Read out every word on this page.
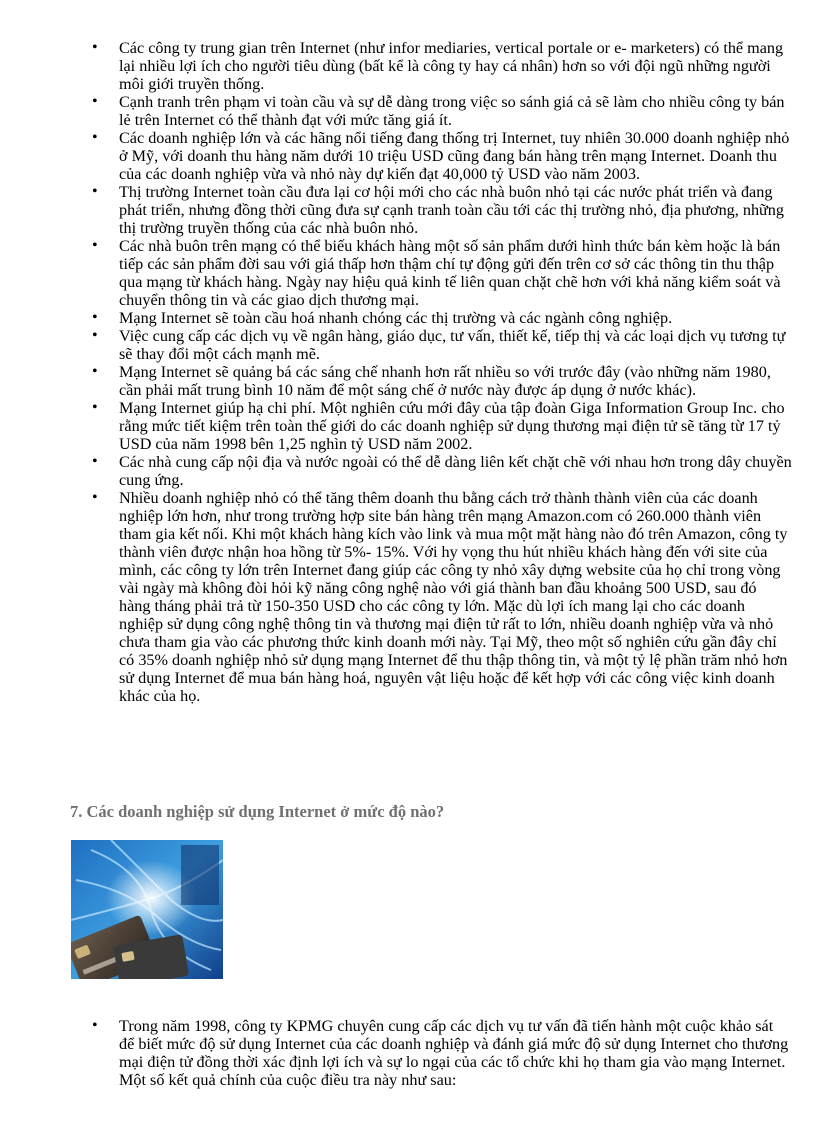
• Các công ty trung gian trên Internet (như infor mediaries, vertical portale or e- marketers) có thể mang lại nhiều lợi ích cho người tiêu dùng (bất kể là công ty hay cá nhân) hơn so với đội ngũ những người môi giới truyền thống.
• Cạnh tranh trên phạm vi toàn cầu và sự dễ dàng trong việc so sánh giá cả sẽ làm cho nhiều công ty bán lẻ trên Internet có thể thành đạt với mức tăng giá ít.
• Các doanh nghiệp lớn và các hãng nổi tiếng đang thống trị Internet, tuy nhiên 30.000 doanh nghiệp nhỏ ở Mỹ, với doanh thu hàng năm dưới 10 triệu USD cũng đang bán hàng trên mạng Internet. Doanh thu của các doanh nghiệp vừa và nhỏ này dự kiến đạt 40,000 tỷ USD vào năm 2003.
• Thị trường Internet toàn cầu đưa lại cơ hội mới cho các nhà buôn nhỏ tại các nước phát triển và đang phát triển, nhưng đồng thời cũng đưa sự cạnh tranh toàn cầu tới các thị trường nhỏ, địa phương, những thị trường truyền thống của các nhà buôn nhỏ.
• Các nhà buôn trên mạng có thể biếu khách hàng một số sản phẩm dưới hình thức bán kèm hoặc là bán tiếp các sản phẩm đời sau với giá thấp hơn thậm chí tự động gửi đến trên cơ sở các thông tin thu thập qua mạng từ khách hàng. Ngày nay hiệu quả kinh tế liên quan chặt chẽ hơn với khả năng kiểm soát và chuyển thông tin và các giao dịch thương mại.
• Mạng Internet sẽ toàn cầu hoá nhanh chóng các thị trường và các ngành công nghiệp.
• Việc cung cấp các dịch vụ về ngân hàng, giáo dục, tư vấn, thiết kế, tiếp thị và các loại dịch vụ tương tự sẽ thay đổi một cách mạnh mẽ.
• Mạng Internet sẽ quảng bá các sáng chế nhanh hơn rất nhiều so với trước đây (vào những năm 1980, cần phải mất trung bình 10 năm để một sáng chế ở nước này được áp dụng ở nước khác).
• Mạng Internet giúp hạ chi phí. Một nghiên cứu mới đây của tập đoàn Giga Information Group Inc. cho rằng mức tiết kiệm trên toàn thế giới do các doanh nghiệp sử dụng thương mại điện tử sẽ tăng từ 17 tỷ USD của năm 1998 bên 1,25 nghìn tỷ USD năm 2002.
• Các nhà cung cấp nội địa và nước ngoài có thể dễ dàng liên kết chặt chẽ với nhau hơn trong dây chuyền cung ứng.
• Nhiều doanh nghiệp nhỏ có thể tăng thêm doanh thu bằng cách trở thành thành viên của các doanh nghiệp lớn hơn, như trong trường hợp site bán hàng trên mạng Amazon.com có 260.000 thành viên tham gia kết nối. Khi một khách hàng kích vào link và mua một mặt hàng nào đó trên Amazon, công ty thành viên được nhận hoa hồng từ 5%- 15%. Với hy vọng thu hút nhiều khách hàng đến với site của mình, các công ty lớn trên Internet đang giúp các công ty nhỏ xây dựng website của họ chỉ trong vòng vài ngày mà không đòi hỏi kỹ năng công nghệ nào với giá thành ban đầu khoảng 500 USD, sau đó hàng tháng phải trả từ 150-350 USD cho các công ty lớn. Mặc dù lợi ích mang lại cho các doanh nghiệp sử dụng công nghệ thông tin và thương mại điện tử rất to lớn, nhiều doanh nghiệp vừa và nhỏ chưa tham gia vào các phương thức kinh doanh mới này. Tại Mỹ, theo một số nghiên cứu gần đây chỉ có 35% doanh nghiệp nhỏ sử dụng mạng Internet để thu thập thông tin, và một tỷ lệ phần trăm nhỏ hơn sử dụng Internet để mua bán hàng hoá, nguyên vật liệu hoặc để kết hợp với các công việc kinh doanh khác của họ.
7. Các doanh nghiệp sử dụng Internet ở mức độ nào?
• Trong năm 1998, công ty KPMG chuyên cung cấp các dịch vụ tư vấn đã tiến hành một cuộc khảo sát để biết mức độ sử dụng Internet của các doanh nghiệp và đánh giá mức độ sử dụng Internet cho thương mại điện tử đồng thời xác định lợi ích và sự lo ngại của các tổ chức khi họ tham gia vào mạng Internet. Một số kết quả chính của cuộc điều tra này như sau:
